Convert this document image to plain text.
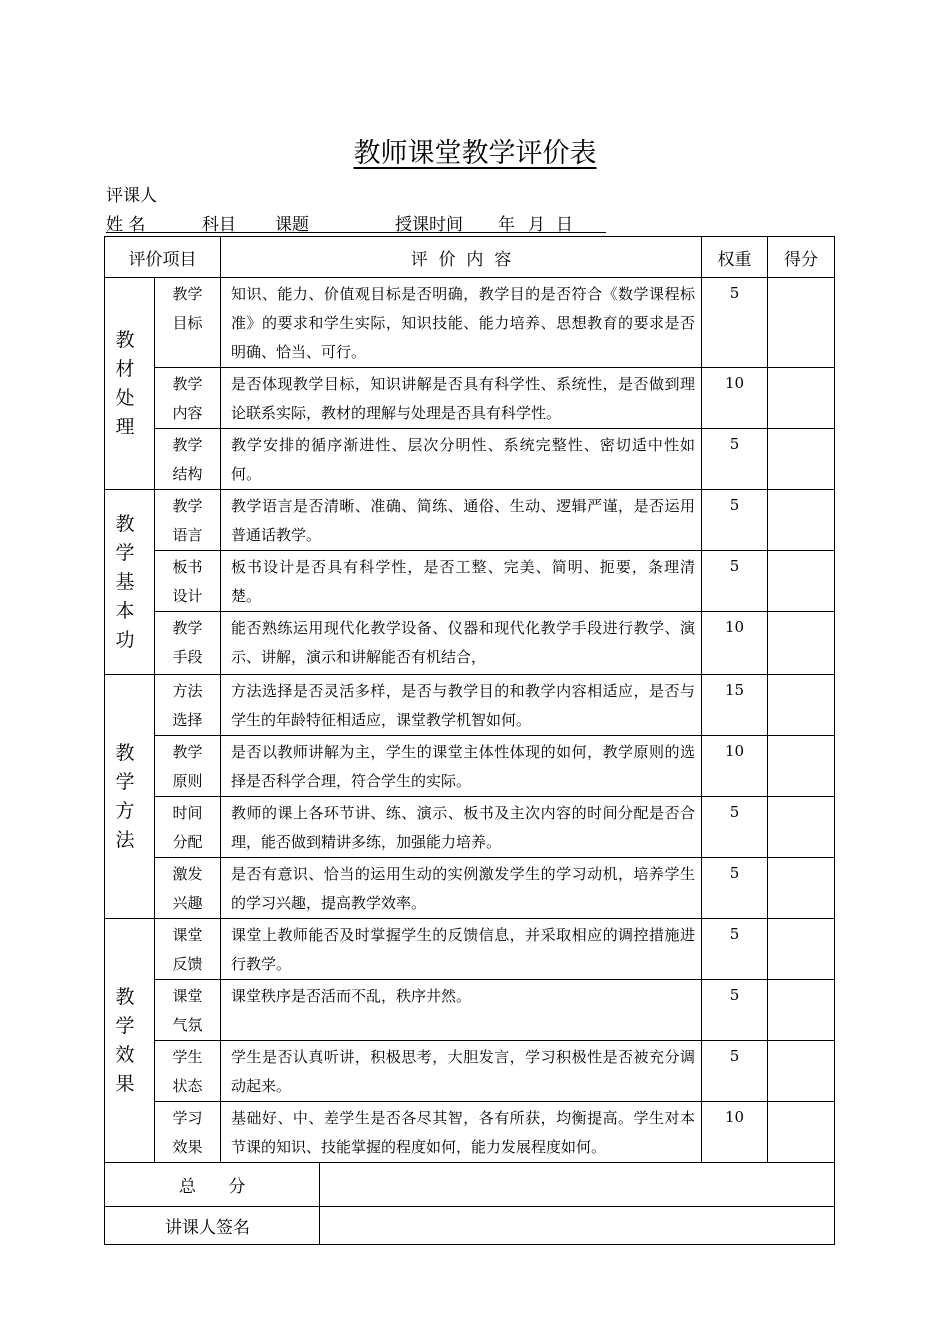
教师课堂教学评价表
评课人
姓 名	科目 课题	授课时间 年 月 日
评价项目		评  价  内  容	权重	得分

教材处理	教学目标	知识、能力、价值观目标是否明确，教学目的是否符合《数学课程标准》的要求和学生实际，知识技能、能力培养、思想教育的要求是否明确、恰当、可行。	5	

	教学内容	是否体现教学目标，知识讲解是否具有科学性、系统性，是否做到理论联系实际，教材的理解与处理是否具有科学性。	10	

	教学结构	教学安排的循序渐进性、层次分明性、系统完整性、密切适中性如何。	5	

教学基本功	教学语言	教学语言是否清晰、准确、简练、通俗、生动、逻辑严谨，是否运用普通话教学。	5	

	板书设计	板书设计是否具有科学性，是否工整、完美、简明、扼要，条理清楚。	5	

	教学手段	能否熟练运用现代化教学设备、仪器和现代化教学手段进行教学、演示、讲解，演示和讲解能否有机结合，	10	

教学方法	方法选择	方法选择是否灵活多样，是否与教学目的和教学内容相适应，是否与学生的年龄特征相适应，课堂教学机智如何。	15	

	教学原则	是否以教师讲解为主，学生的课堂主体性体现的如何，教学原则的选择是否科学合理，符合学生的实际。	10	

	时间分配	教师的课上各环节讲、练、演示、板书及主次内容的时间分配是否合理，能否做到精讲多练，加强能力培养。	5	

	激发兴趣	是否有意识、恰当的运用生动的实例激发学生的学习动机，培养学生的学习兴趣，提高教学效率。	5	

教学效果	课堂反馈	课堂上教师能否及时掌握学生的反馈信息，并采取相应的调控措施进行教学。	5	

	课堂气氛	课堂秩序是否活而不乱，秩序井然。	5	

	学生状态	学生是否认真听讲，积极思考，大胆发言，学习积极性是否被充分调动起来。	5	

	学习效果	基础好、中、差学生是否各尽其智，各有所获，均衡提高。学生对本节课的知识、技能掌握的程度如何，能力发展程度如何。	10	

总      分				

讲课人签名				
